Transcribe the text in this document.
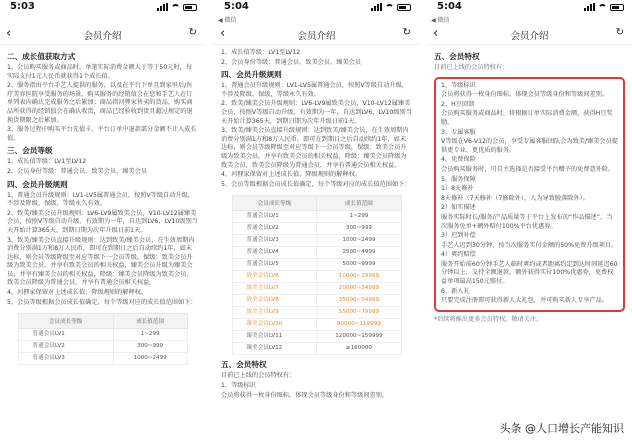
5:03
‹	会员介绍	↻
二、成长值获取方式
1、会员购买服务或商品时，单笔实际消费金额大于等于50元时，每实际支付1元人民币就获得1个成长值。
2、服务指由平台手艺人提供的服务，以及在平台下单且到家里后/医疗美容医院享受服务的场景，购买服务的经销值会在您和手艺人在订单列表内确认完成服务之后累加；商品指河狸家售卖的货品，购买商品所获得的经销值会在确认收货，商品已经验收到货且超过规定的退换货期限之后累加。
3、服务过程中购买平台充值卡、平台订单中退款部分金额不计入成长值。
三、会员等级
1、成长值等级：LV1至LV12
2、会员身份等级：普通会员、致美会员、臻美会员
四、会员升级规则
1、普通会员升级规则：LV1-LV5属普通会员，按照V等级自动升级，不涉及降级、保级，等级永久有效。
2、致美/臻美会员升级规则：LV6-LV9属致美会员，V10-LV12属臻美会员，按照V等级自动升级，有效期为一年，自达到LV6、LV10级别当天开始计算365天，到期日期为次年升级日前1天。
3、致美/臻美会员直接升级规则：达到致美/臻美会员，在生效周期内消费分别满1万和8万人民币，即可在到期日之后自动续约1年，如未达标，则会员等级降级至对应等级下一会员等级，保级：致美会员升级为致美会员，并享有致美会员的相关权益，臻美会员升级为臻美会员，并享有臻美会员的相关权益，降级：臻美会员降级为致美会员，致美会员降级为普通会员，并享有普通会员相关权益。
4、河狸家保留对上述成长值、降级规则的解释权。
5、会员等级根据会员成长值确定，每个等级对应的成长值范围如下：
会员成长等级	成长值范围
普通会员LV1	1~299
普通会员LV2	300~999
普通会员LV3	1000~2499
5:04
◀ 微信
‹	会员介绍	↻
1、成长值等级：LV1至LV12
2、会员身份等级：普通会员、致美会员、臻美会员
四、会员升级规则
1、普通会员升级规则：LV1-LV5属普通会员，按照V等级自动升级，不涉及降级、保级，等级永久有效。
2、致美/臻美会员升级规则：LV6-LV9属致美会员，V10-LV12属臻美会员，按照V等级自动升级，有效期为一年，自达到LV6、LV10级别当天开始计算365天，到期日期为次年升级日前1天。
3、致美/臻美会员直接升级规则：达到致美/臻美会员，在生效周期内消费分别满1万和8万人民币，即可在到期日之后自动续约1年，如未达标，则会员等级降级至对应等级下一会员等级，保级：致美会员升级为致美会员，并享有致美会员的相关权益，降级：臻美会员降级为致美会员，致美会员降级为普通会员，并享有普通会员相关权益。
4、河狸家保留对上述成长值、降级规则的解释权。
5、会员等级根据会员成长值确定，每个等级对应的成长值范围如下：
会员成长等级	成长值范围
普通会员LV1	1~299
普通会员LV2	300~999
普通会员LV3	1000~2499
普通会员LV4	2500~4999
普通会员LV5	5000~9999
致美会员LV6	10000~19999
致美会员LV7	20000~34999
致美会员LV8	35000~54999
致美会员LV9	55000~79999
臻美会员LV10	80000~119999
臻美会员LV11	120000~159999
臻美会员LV12	≥160000
五、会员特权
目前已上线的会员特权有：
1、等级标识
会员将获得一枚身份图标，体现会员等级身份和等级间差别。
5:04
◀ 微信
‹	会员介绍	↻
五、会员特权
目前已上线的会员特权有：
1、等级标识
会员将获得一枚身份图标，体现会员等级身份和等级间差别。
2、H豆回馈
会员购买服务或商品时，将根据订单实际消费金额，获得H豆奖励。
3、专属客服
V等级在V6-V12的会员，享受专属客服团队会为致美/臻美会员提供更专业、更优质的服务。
4、免费保险
会员购买服务时，可自主选择是否接受平台赠予的免费意外险。
5、服务保障
1）8天修补
8天修补（7天修补（7修除外），人为导致脱落除外）。
2）如实描述
服务实际时长/服务/产品质量等于平台上发布的“作品描述”，当次服务免单+额外赔付100%平台优惠券。
3）迟到补偿
手艺人迟到30分钟，按当次服务实付金额的50%免费升级项目。
4）爽约赔偿
服务开始前60分钟手艺人临时爽约或者距离约定到达时间延迟60分钟以上，支持全额退款，额外获得实付100%优惠券，免费权益单项最高150元赔付。
6、新人礼
只要完成注册即可获得新人大礼包，并可购买新人专享产品。
*后续将推出更多会员特权，敬请关注。
头条 @人口增长产能知识
